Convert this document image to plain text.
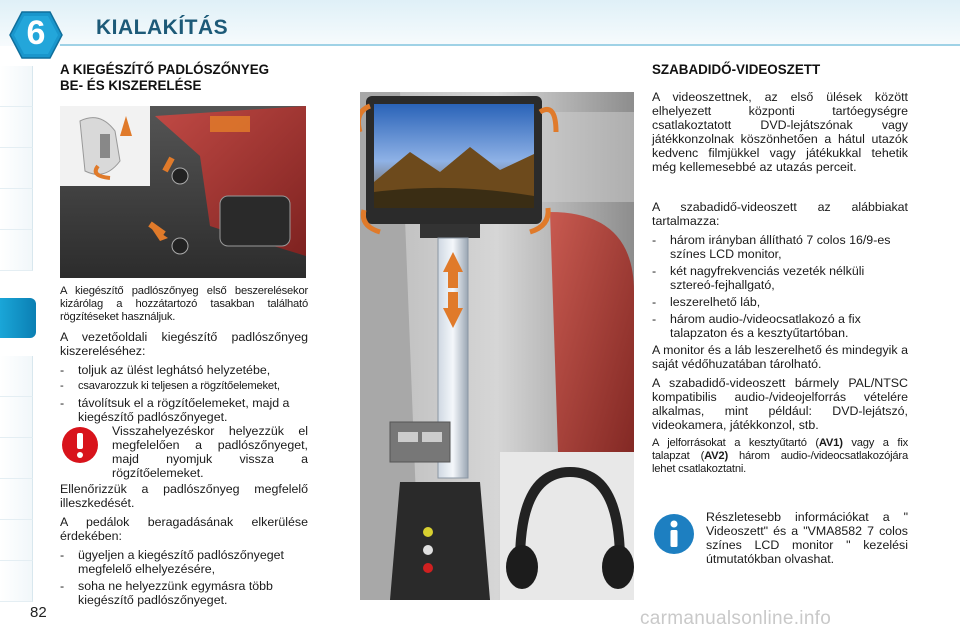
6	KIALAKÍTÁS
A KIEGÉSZÍTŐ PADLÓSZŐNYEG
BE- ÉS KISZERELÉSE
A kiegészítő padlószőnyeg első beszerelésekor kizárólag a hozzátartozó tasakban található rögzítéseket használjuk.

A vezetőoldali kiegészítő padlószőnyeg kiszereléséhez:

-	toljuk az ülést leghátsó helyzetébe,
-	csavarozzuk ki teljesen a rögzítőelemeket,
-	távolítsuk el a rögzítőelemeket, majd a kiegészítő padlószőnyeget.
Visszahelyezéskor helyezzük el megfelelően a padlószőnyeget, majd nyomjuk vissza a rögzítőelemeket.

Ellenőrizzük a padlószőnyeg megfelelő illeszkedését.

A pedálok beragadásának elkerülése érdekében:

-	ügyeljen a kiegészítő padlószőnyeget megfelelő elhelyezésére,
-	soha ne helyezzünk egymásra több kiegészítő padlószőnyeget.
SZABADIDŐ-VIDEOSZETT
A videoszettnek, az első ülések között elhelyezett központi tartóegységre csatlakoztatott DVD-lejátszónak vagy játékkonzolnak köszönhetően a hátul utazók kedvenc filmjükkel vagy játékukkal tehetik még kellemesebbé az utazás perceit.

A szabadidő-videoszett az alábbiakat tartalmazza:

-	három irányban állítható 7 colos 16/9-es színes LCD monitor,
-	két nagyfrekvenciás vezeték nélküli sztereó-fejhallgató,
-	leszerelhető láb,
-	három audio-/videocsatlakozó a fix talapzaton és a kesztyűtartóban.

A monitor és a láb leszerelhető és mindegyik a saját védőhuzatában tárolható.

A szabadidő-videoszett bármely PAL/NTSC kompatibilis audio-/videojelforrás vételére alkalmas, mint például: DVD-lejátszó, videokamera, játékkonzol, stb.

A jelforrásokat a kesztyűtartó (AV1) vagy a fix talapzat (AV2) három audio-/videocsatlakozójára lehet csatlakoztatni.

Részletesebb információkat a " Videoszett" és a "VMA8582 7 colos színes LCD monitor " kezelési útmutatókban olvashat.
82	carmanualsonline.info
